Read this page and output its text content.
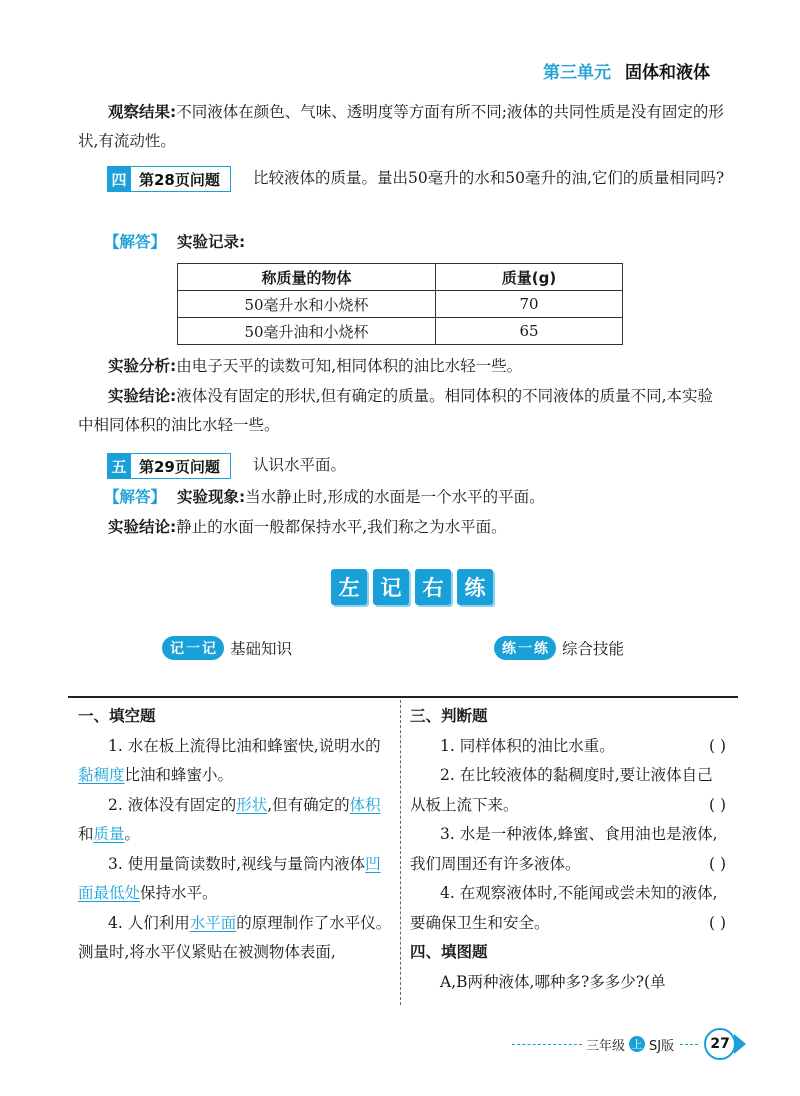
第三单元 固体和液体
观察结果:不同液体在颜色、气味、透明度等方面有所不同;液体的共同性质是没有固定的形状,有流动性。
四 第28页问题	比较液体的质量。量出50毫升的水和50毫升的油,它们的质量相同吗?
【解答】 实验记录:
称质量的物体	质量(g)
50毫升水和小烧杯	70
50毫升油和小烧杯	65
实验分析:由电子天平的读数可知,相同体积的油比水轻一些。
实验结论:液体没有固定的形状,但有确定的质量。相同体积的不同液体的质量不同,本实验中相同体积的油比水轻一些。
五 第29页问题	认识水平面。
【解答】 实验现象:当水静止时,形成的水面是一个水平的平面。
实验结论:静止的水面一般都保持水平,我们称之为水平面。
左	记	右	练
记 一 记 基础知识	练 一 练 综合技能
一、填空题

1. 水在板上流得比油和蜂蜜快,说明水的黏稠度比油和蜂蜜小。

2. 液体没有固定的形状,但有确定的体积和质量。

3. 使用量筒读数时,视线与量筒内液体凹面最低处保持水平。

4. 人们利用水平面的原理制作了水平仪。测量时,将水平仪紧贴在被测物体表面,

三、判断题

1. 同样体积的油比水重。	( )

2. 在比较液体的黏稠度时,要让液体自己从板上流下来。	( )

3. 水是一种液体,蜂蜜、食用油也是液体,我们周围还有许多液体。	( )

4. 在观察液体时,不能闻或尝未知的液体,要确保卫生和安全。	( )

四、填图题

A,B两种液体,哪种多?多多少?(单

三年级 上 SJ版	27
